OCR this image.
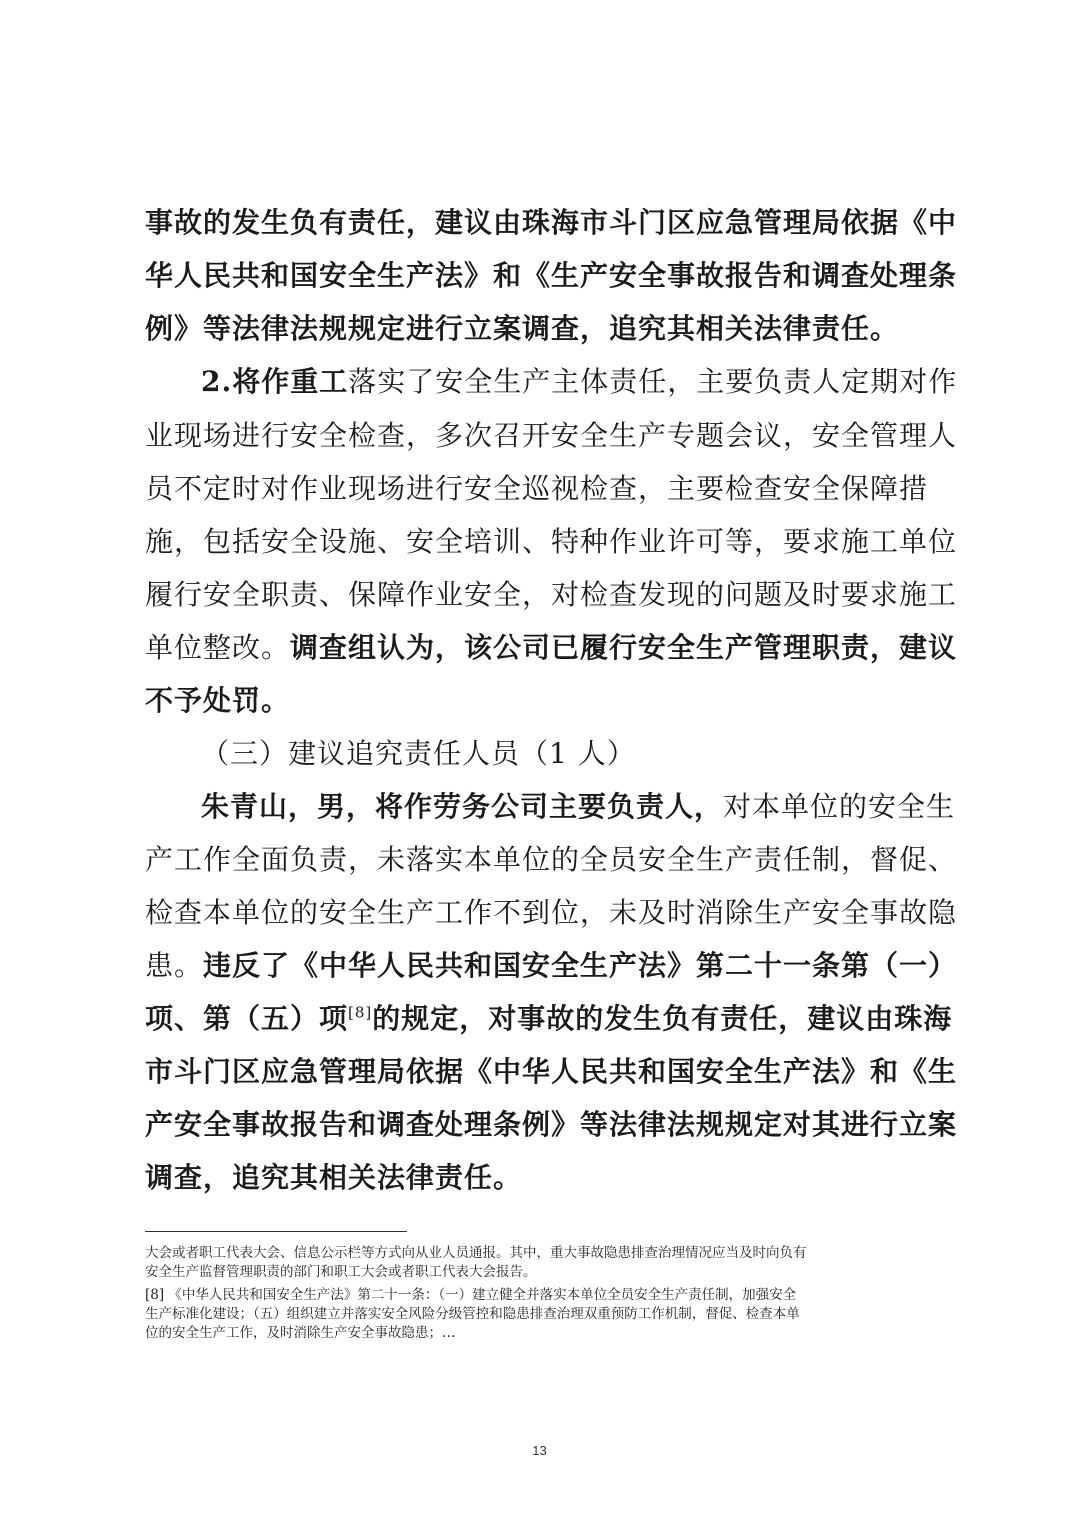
事故的发生负有责任，建议由珠海市斗门区应急管理局依据《中
华人民共和国安全生产法》和《生产安全事故报告和调查处理条
例》等法律法规规定进行立案调查，追究其相关法律责任。
2.将作重工落实了安全生产主体责任，主要负责人定期对作
业现场进行安全检查，多次召开安全生产专题会议，安全管理人
员不定时对作业现场进行安全巡视检查，主要检查安全保障措
施，包括安全设施、安全培训、特种作业许可等，要求施工单位
履行安全职责、保障作业安全，对检查发现的问题及时要求施工
单位整改。调查组认为，该公司已履行安全生产管理职责，建议
不予处罚。
（三）建议追究责任人员（1 人）
朱青山，男，将作劳务公司主要负责人，对本单位的安全生
产工作全面负责，未落实本单位的全员安全生产责任制，督促、
检查本单位的安全生产工作不到位，未及时消除生产安全事故隐
患。违反了《中华人民共和国安全生产法》第二十一条第（一）
项、第（五）项[8]的规定，对事故的发生负有责任，建议由珠海
市斗门区应急管理局依据《中华人民共和国安全生产法》和《生
产安全事故报告和调查处理条例》等法律法规规定对其进行立案
调查，追究其相关法律责任。
大会或者职工代表大会、信息公示栏等方式向从业人员通报。其中，重大事故隐患排查治理情况应当及时向负有
安全生产监督管理职责的部门和职工大会或者职工代表大会报告。
[8] 《中华人民共和国安全生产法》第二十一条：（一）建立健全并落实本单位全员安全生产责任制，加强安全
生产标准化建设；（五）组织建立并落实安全风险分级管控和隐患排查治理双重预防工作机制，督促、检查本单
位的安全生产工作，及时消除生产安全事故隐患；…
13
